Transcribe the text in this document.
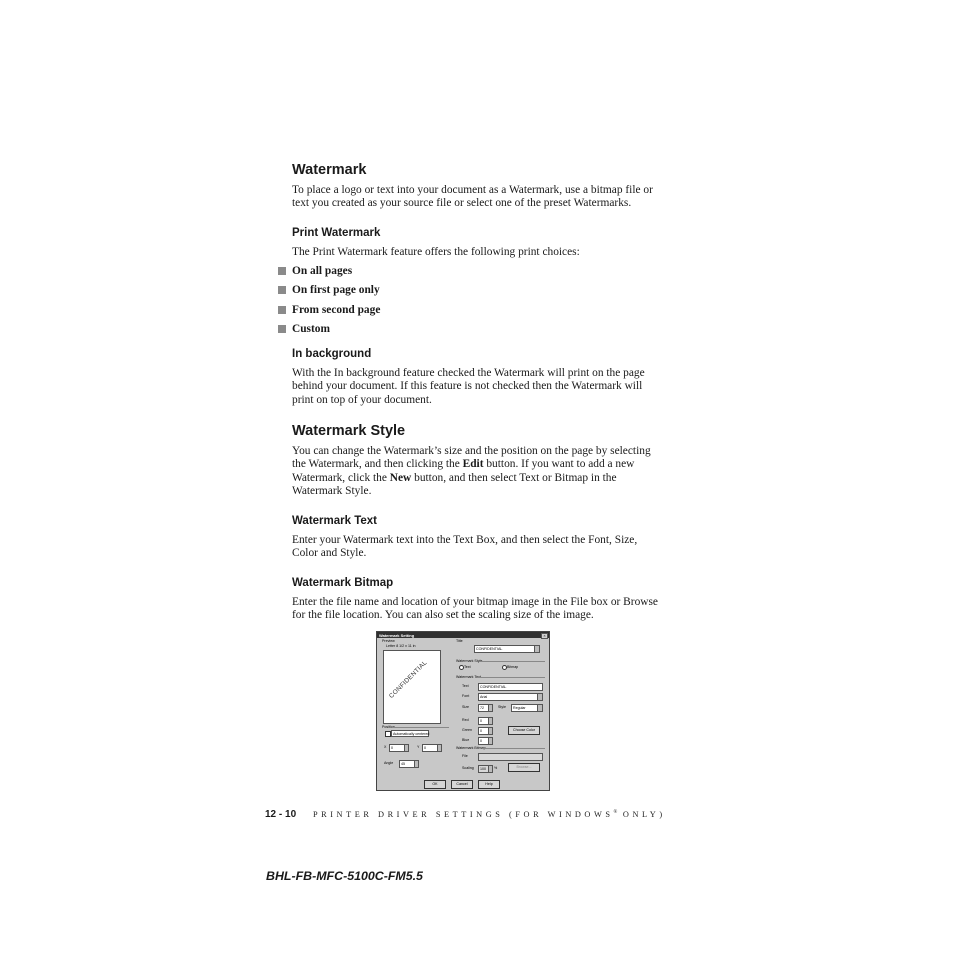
Watermark
To place a logo or text into your document as a Watermark, use a bitmap file or
text you created as your source file or select one of the preset Watermarks.
Print Watermark
The Print Watermark feature offers the following print choices:
On all pages
On first page only
From second page
Custom
In background
With the In background feature checked the Watermark will print on the page
behind your document. If this feature is not checked then the Watermark will
print on top of your document.
Watermark Style
You can change the Watermark’s size and the position on the page by selecting
the Watermark, and then clicking the Edit button. If you want to add a new
Watermark, click the New button, and then select Text or Bitmap in the
Watermark Style.
Watermark Text
Enter your Watermark text into the Text Box, and then select the Font, Size,
Color and Style.
Watermark Bitmap
Enter the file name and location of your bitmap image in the File box or Browse
for the file location. You can also set the scaling size of the image.
Watermark Setting	×
Preview
Letter 8 1/2 x 11 in
CONFIDENTIAL
Position
Automatically centered
X 0	Y 0
Angle 45
Title
CONFIDENTIAL
Watermark Style
Text	Bitmap
Watermark Text
Text	CONFIDENTIAL
Font	Arial
Size	72	Style Regular
Red	0
Green 0
Blue	0
Choose Color
Watermark Bitmap
File
Scaling 100 %	Browse...
OK	Cancel	Help
12 - 10 PRINTER DRIVER SETTINGS (FOR WINDOWS® ONLY)
BHL-FB-MFC-5100C-FM5.5
